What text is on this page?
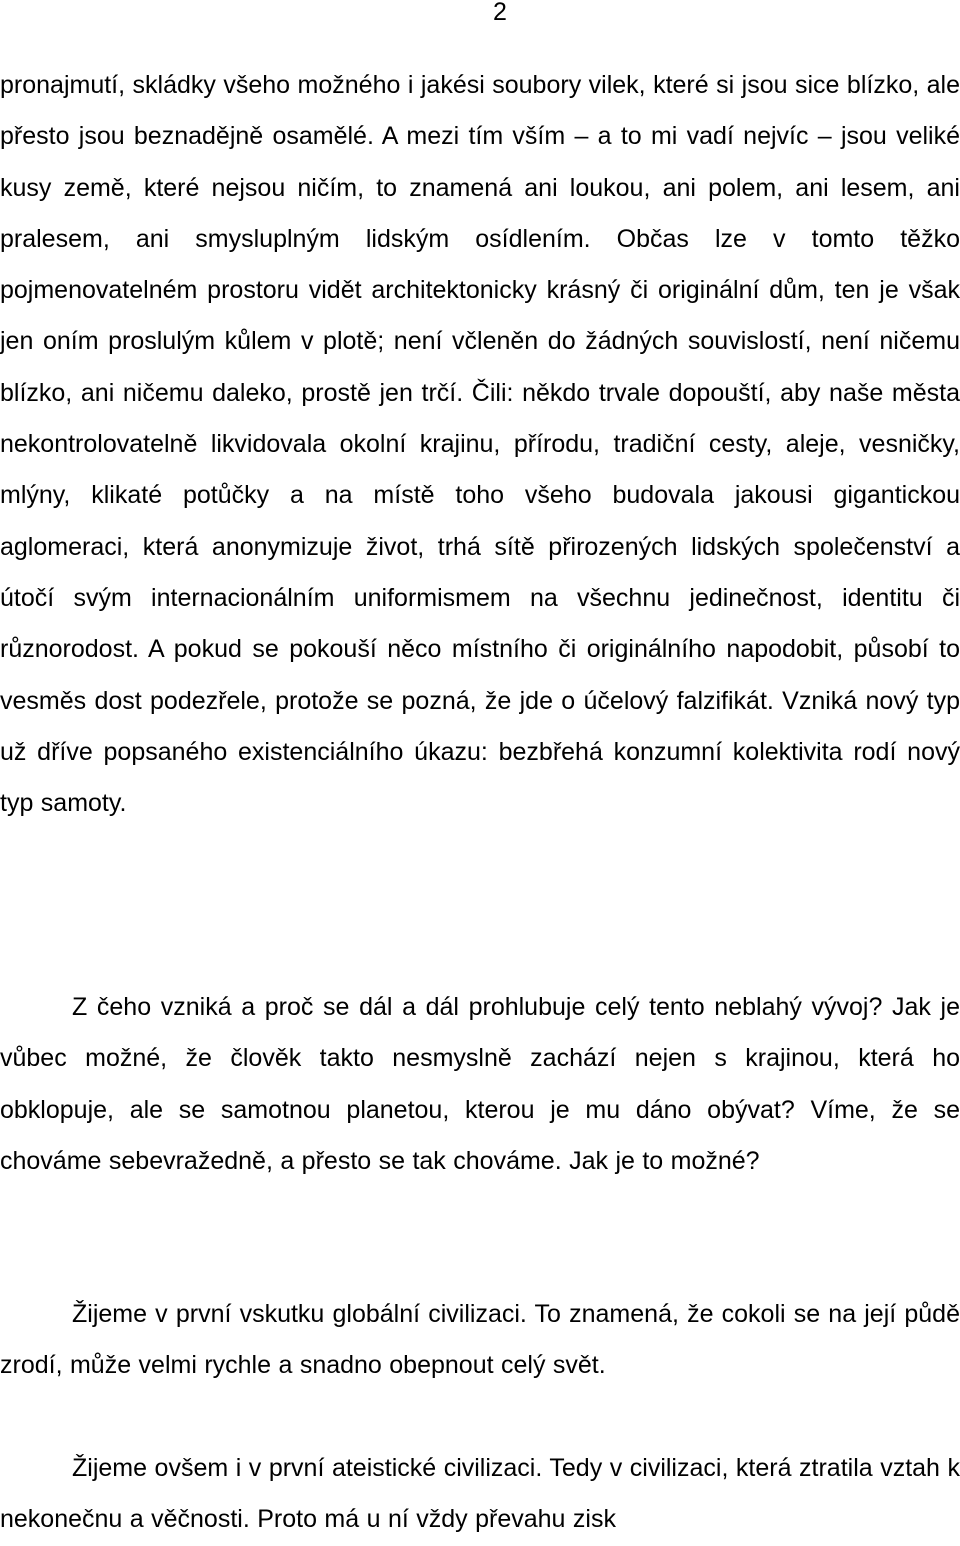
2

pronajmutí, skládky všeho možného i jakési soubory vilek, které si jsou sice blízko, ale přesto jsou beznadějně osamělé. A mezi tím vším – a to mi vadí nejvíc – jsou veliké kusy země, které nejsou ničím, to znamená ani loukou, ani polem, ani lesem, ani pralesem, ani smysluplným lidským osídlením. Občas lze v tomto těžko pojmenovatelném prostoru vidět architektonicky krásný či originální dům, ten je však jen oním proslulým kůlem v plotě; není včleněn do žádných souvislostí, není ničemu blízko, ani ničemu daleko, prostě jen trčí. Čili: někdo trvale dopouští, aby naše města nekontrolovatelně likvidovala okolní krajinu, přírodu, tradiční cesty, aleje, vesničky, mlýny, klikaté potůčky a na místě toho všeho budovala jakousi gigantickou aglomeraci, která anonymizuje život, trhá sítě přirozených lidských společenství a útočí svým internacionálním uniformismem na všechnu jedinečnost, identitu či různorodost. A pokud se pokouší něco místního či originálního napodobit, působí to vesměs dost podezřele, protože se pozná, že jde o účelový falzifikát. Vzniká nový typ už dříve popsaného existenciálního úkazu: bezbřehá konzumní kolektivita rodí nový typ samoty.

Z čeho vzniká a proč se dál a dál prohlubuje celý tento neblahý vývoj? Jak je vůbec možné, že člověk takto nesmyslně zachází nejen s krajinou, která ho obklopuje, ale se samotnou planetou, kterou je mu dáno obývat? Víme, že se chováme sebevražedně, a přesto se tak chováme. Jak je to možné?

Žijeme v první vskutku globální civilizaci. To znamená, že cokoli se na její půdě zrodí, může velmi rychle a snadno obepnout celý svět.

Žijeme ovšem i v první ateistické civilizaci. Tedy v civilizaci, která ztratila vztah k nekonečnu a věčnosti. Proto má u ní vždy převahu zisk
